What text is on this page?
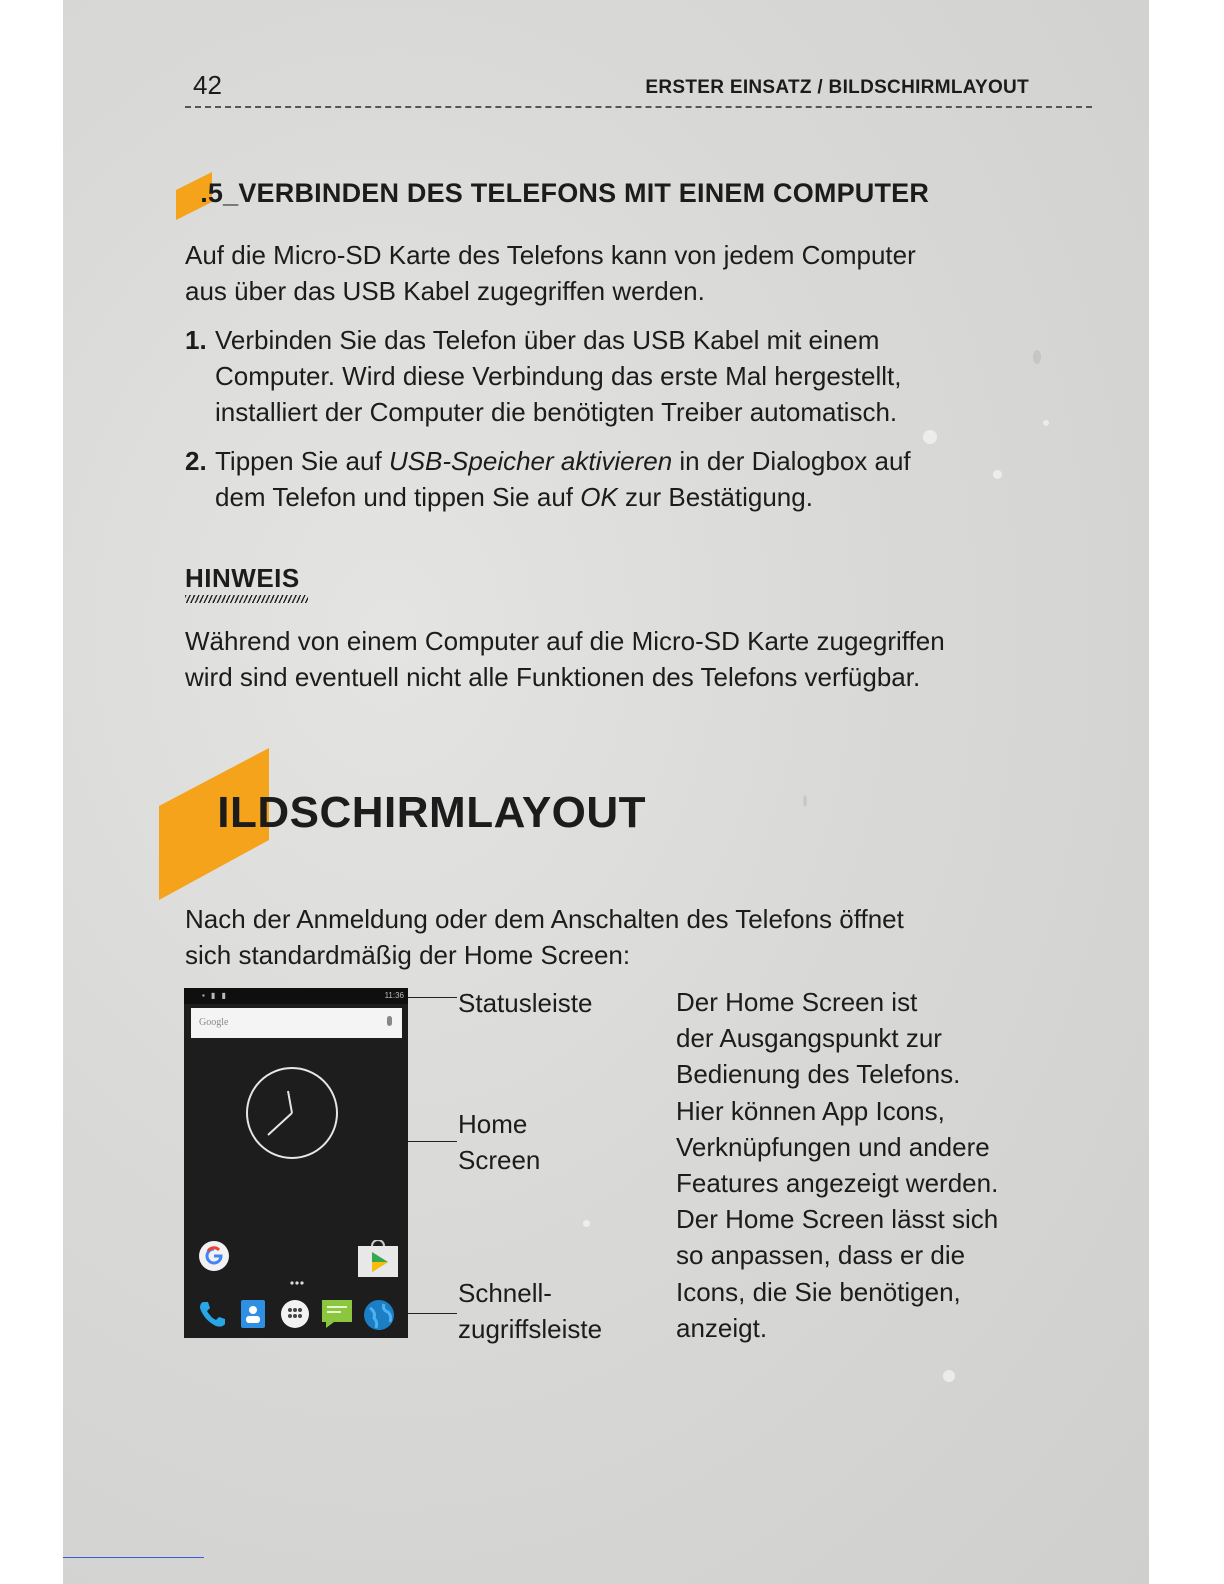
42	ERSTER EINSATZ / BILDSCHIRMLAYOUT
.5_VERBINDEN DES TELEFONS MIT EINEM COMPUTER
Auf die Micro-SD Karte des Telefons kann von jedem Computer
aus über das USB Kabel zugegriffen werden.
1. Verbinden Sie das Telefon über das USB Kabel mit einem
Computer. Wird diese Verbindung das erste Mal hergestellt,
installiert der Computer die benötigten Treiber automatisch.
2. Tippen Sie auf USB-Speicher aktivieren in der Dialogbox auf
dem Telefon und tippen Sie auf OK zur Bestätigung.
HINWEIS
Während von einem Computer auf die Micro-SD Karte zugegriffen
wird sind eventuell nicht alle Funktionen des Telefons verfügbar.
ILDSCHIRMLAYOUT
Nach der Anmeldung oder dem Anschalten des Telefons öffnet
sich standardmäßig der Home Screen:
▪ ▮ ▮	11:36
Google
Statusleiste
Home
Screen
Schnell-
zugriffsleiste
Der Home Screen ist
der Ausgangspunkt zur
Bedienung des Telefons.
Hier können App Icons,
Verknüpfungen und andere
Features angezeigt werden.
Der Home Screen lässt sich
so anpassen, dass er die
Icons, die Sie benötigen,
anzeigt.
